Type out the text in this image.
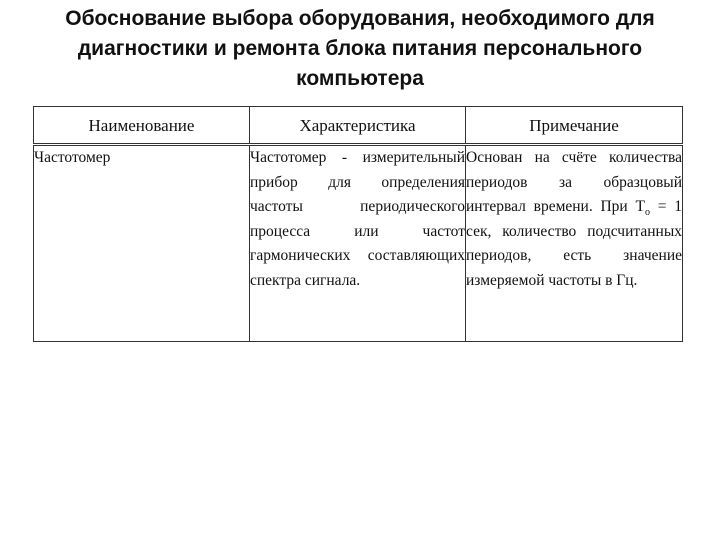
Обоснование выбора оборудования, необходимого для диагностики и ремонта блока питания персонального компьютера
Наименование	Характеристика	Примечание
Частотомер	Частотомер - измерительный прибор для определения частоты периодического процесса или частот гармонических составляющих спектра сигнала.	Основан на счёте количества периодов за образцовый интервал времени. При $T_o = 1$ сек, количество подсчитанных периодов, есть значение измеряемой частоты в Гц.
